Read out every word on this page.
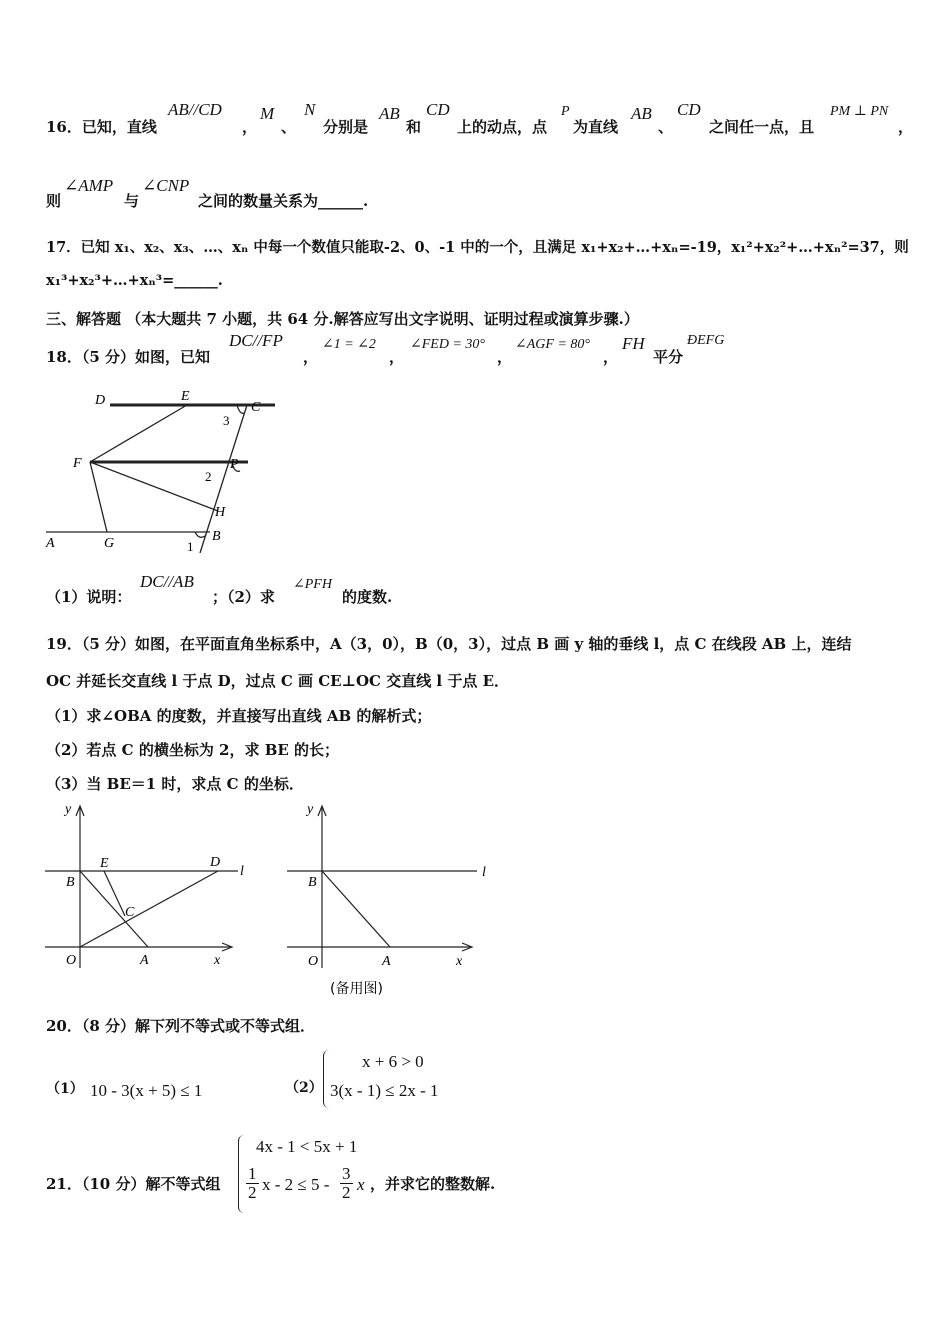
16．已知，直线
AB//CD
，
M
、
N
分别是
AB
和
CD
上的动点，点
P
为直线
AB
、
CD
之间任一点，且
PM ⊥ PN
，
则
∠AMP
与
∠CNP
之间的数量关系为______.
17．已知 x₁、x₂、x₃、…、xₙ 中每一个数值只能取-2、0、-1 中的一个，且满足 x₁+x₂+…+xₙ=-19，x₁²+x₂²+…+xₙ²=37，则
x₁³+x₂³+…+xₙ³=______.
三、解答题 （本大题共 7 小题，共 64 分.解答应写出文字说明、证明过程或演算步骤.）
18．（5 分）如图，已知
DC//FP
，
∠1 = ∠2
，
∠FED = 30°
，
∠AGF = 80°
，
FH
平分
ÐEFG
D	E
C
3
F	P
2
H
A	G	1
B
（1）说明：
DC//AB
；（2）求
∠PFH
的度数.
19．（5 分）如图，在平面直角坐标系中，A（3，0），B（0，3），过点 B 画 y 轴的垂线 l，点 C 在线段 AB 上，连结
OC 并延长交直线 l 于点 D，过点 C 画 CE⊥OC 交直线 l 于点 E．
（1）求∠OBA 的度数，并直接写出直线 AB 的解析式；
（2）若点 C 的横坐标为 2，求 BE 的长；
（3）当 BE＝1 时，求点 C 的坐标．
y
E	D
l
B
C
O	A	x
y
l
B
O	A	x
(备用图)
20．（8 分）解下列不等式或不等式组．
（1） 10 - 3(x + 5) ≤ 1	（2）
x + 6 > 0
3(x - 1) ≤ 2x - 1
21．（10 分）解不等式组
4x - 1 < 5x + 1
$\frac{1}{2}$ $x - 2 \le 5 - \frac{3}{2}$ x ，并求它的整数解.
